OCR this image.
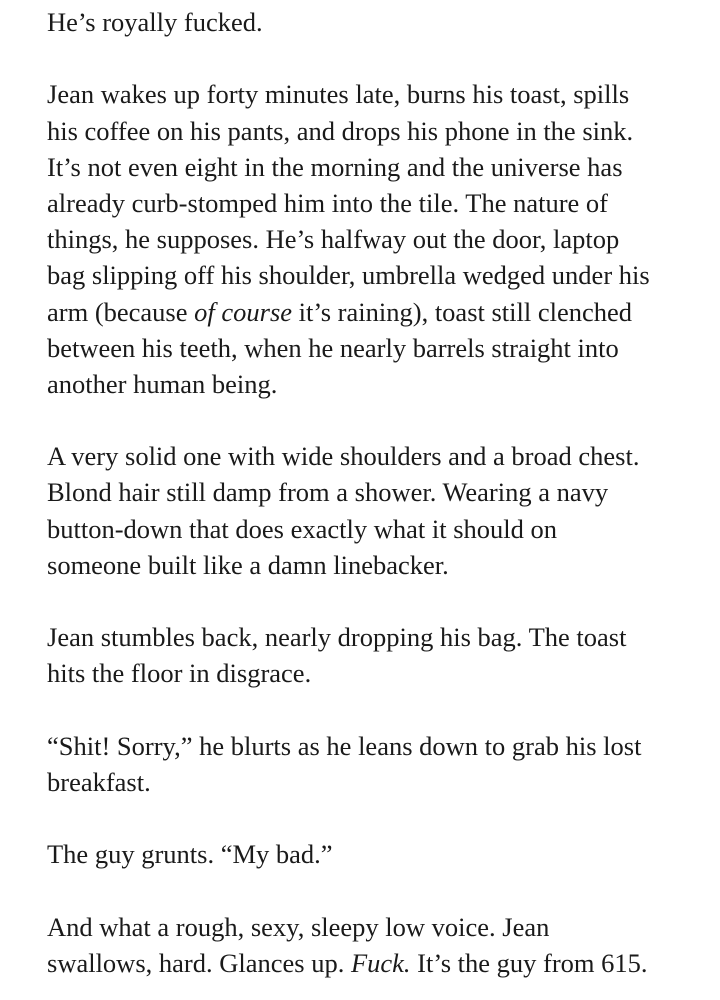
He’s royally fucked.
Jean wakes up forty minutes late, burns his toast, spills
his coffee on his pants, and drops his phone in the sink.
It’s not even eight in the morning and the universe has
already curb-stomped him into the tile. The nature of
things, he supposes. He’s halfway out the door, laptop
bag slipping off his shoulder, umbrella wedged under his
arm (because of course it’s raining), toast still clenched
between his teeth, when he nearly barrels straight into
another human being.
A very solid one with wide shoulders and a broad chest.
Blond hair still damp from a shower. Wearing a navy
button-down that does exactly what it should on
someone built like a damn linebacker.
Jean stumbles back, nearly dropping his bag. The toast
hits the floor in disgrace.
“Shit! Sorry,” he blurts as he leans down to grab his lost
breakfast.
The guy grunts. “My bad.”
And what a rough, sexy, sleepy low voice. Jean
swallows, hard. Glances up. Fuck. It’s the guy from 615.
